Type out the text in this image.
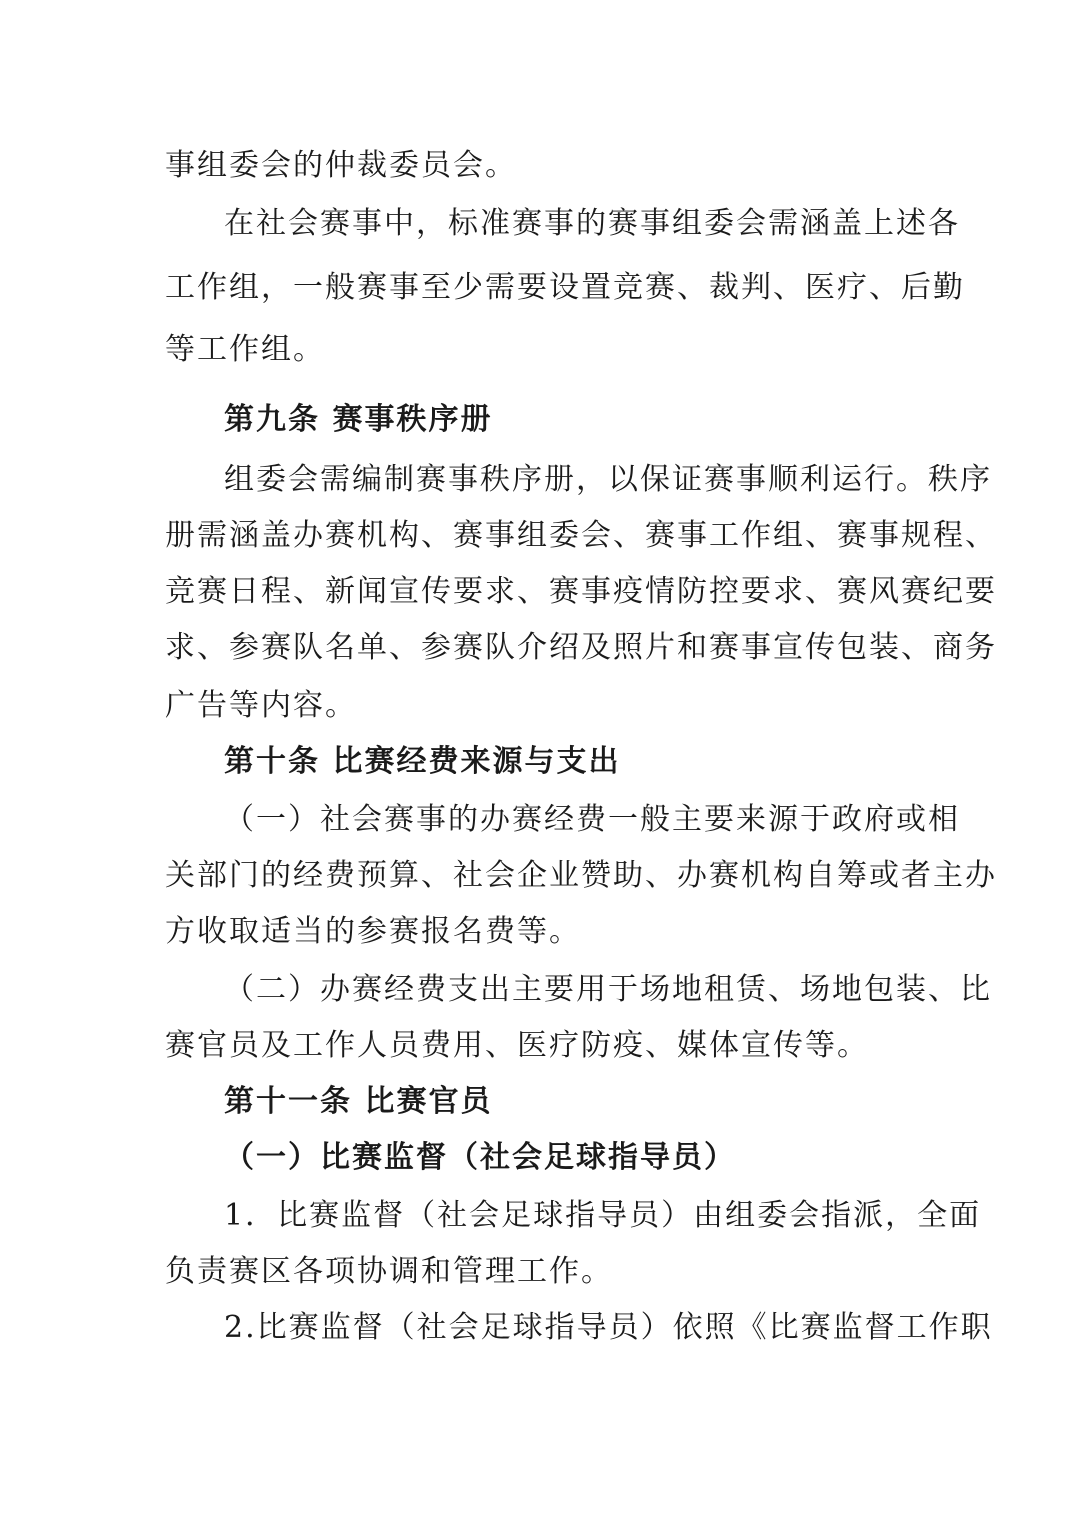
事组委会的仲裁委员会。
在社会赛事中，标准赛事的赛事组委会需涵盖上述各
工作组，一般赛事至少需要设置竞赛、裁判、医疗、后勤
等工作组。
第九条 赛事秩序册
组委会需编制赛事秩序册，以保证赛事顺利运行。秩序
册需涵盖办赛机构、赛事组委会、赛事工作组、赛事规程、
竞赛日程、新闻宣传要求、赛事疫情防控要求、赛风赛纪要
求、参赛队名单、参赛队介绍及照片和赛事宣传包装、商务
广告等内容。
第十条 比赛经费来源与支出
（一）社会赛事的办赛经费一般主要来源于政府或相
关部门的经费预算、社会企业赞助、办赛机构自筹或者主办
方收取适当的参赛报名费等。
（二）办赛经费支出主要用于场地租赁、场地包装、比
赛官员及工作人员费用、医疗防疫、媒体宣传等。
第十一条 比赛官员
（一）比赛监督（社会足球指导员）
1．比赛监督（社会足球指导员）由组委会指派，全面
负责赛区各项协调和管理工作。
2.比赛监督（社会足球指导员）依照《比赛监督工作职
